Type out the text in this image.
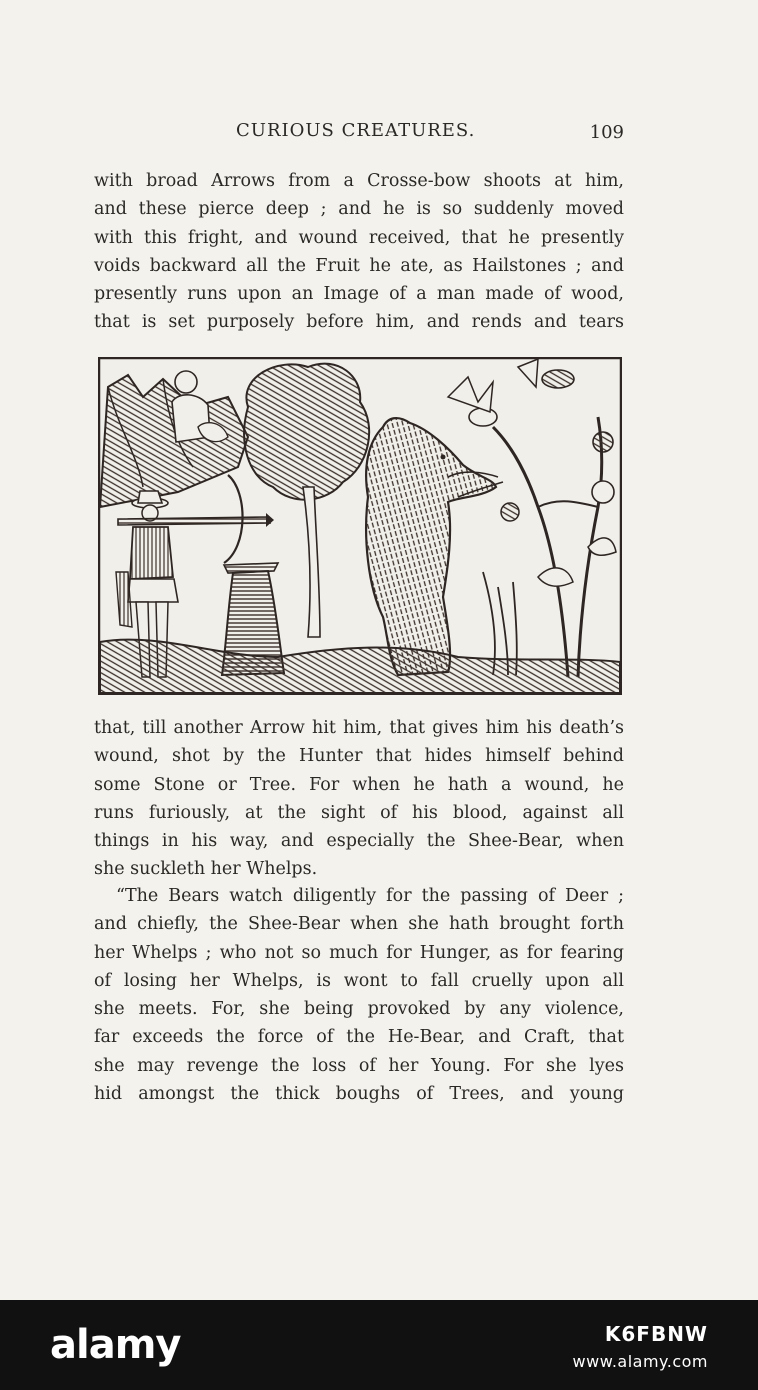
CURIOUS CREATURES.	109
with broad Arrows from a Crosse-bow shoots at him,
and these pierce deep ; and he is so suddenly moved
with this fright, and wound received, that he presently
voids backward all the Fruit he ate, as Hailstones ; and
presently runs upon an Image of a man made of wood,
that is set purposely before him, and rends and tears
that, till another Arrow hit him, that gives him his death’s
wound, shot by the Hunter that hides himself behind
some Stone or Tree. For when he hath a wound, he
runs furiously, at the sight of his blood, against all
things in his way, and especially the Shee-Bear, when
she suckleth her Whelps.
“The Bears watch diligently for the passing of Deer ;
and chiefly, the Shee-Bear when she hath brought forth
her Whelps ; who not so much for Hunger, as for fearing
of losing her Whelps, is wont to fall cruelly upon all
she meets. For, she being provoked by any violence,
far exceeds the force of the He-Bear, and Craft, that
she may revenge the loss of her Young. For she lyes
hid amongst the thick boughs of Trees, and young
alamy	K6FBNW
www.alamy.com
